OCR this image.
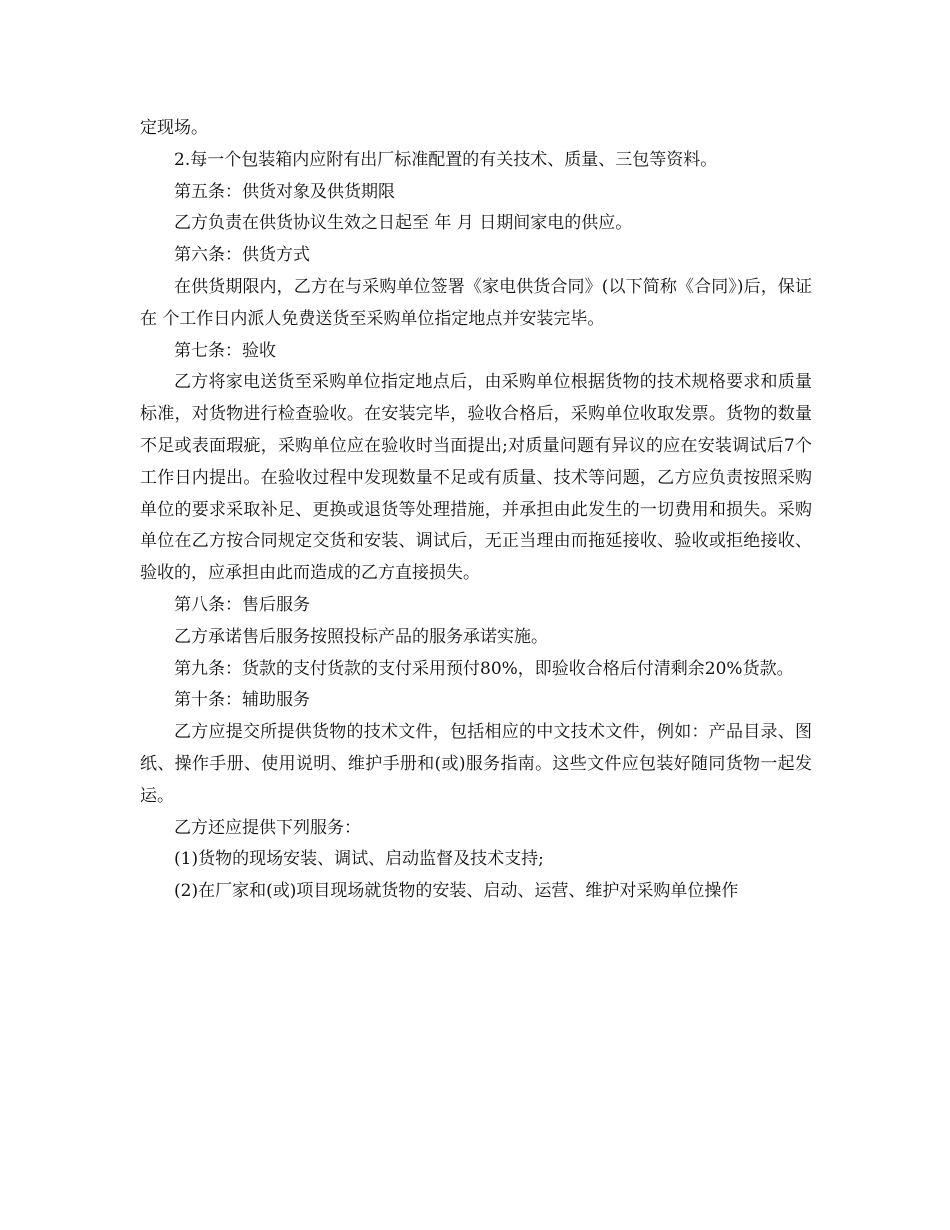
定现场。

2.每一个包装箱内应附有出厂标准配置的有关技术、质量、三包等资料。

第五条：供货对象及供货期限

乙方负责在供货协议生效之日起至 年 月 日期间家电的供应。

第六条：供货方式

在供货期限内，乙方在与采购单位签署《家电供货合同》(以下简称《合同》)后，保证在 个工作日内派人免费送货至采购单位指定地点并安装完毕。

第七条：验收

乙方将家电送货至采购单位指定地点后，由采购单位根据货物的技术规格要求和质量标准，对货物进行检查验收。在安装完毕，验收合格后，采购单位收取发票。货物的数量不足或表面瑕疵，采购单位应在验收时当面提出;对质量问题有异议的应在安装调试后7个工作日内提出。在验收过程中发现数量不足或有质量、技术等问题，乙方应负责按照采购单位的要求采取补足、更换或退货等处理措施，并承担由此发生的一切费用和损失。采购单位在乙方按合同规定交货和安装、调试后，无正当理由而拖延接收、验收或拒绝接收、验收的，应承担由此而造成的乙方直接损失。

第八条：售后服务

乙方承诺售后服务按照投标产品的服务承诺实施。

第九条：货款的支付货款的支付采用预付80%，即验收合格后付清剩余20%货款。

第十条：辅助服务

乙方应提交所提供货物的技术文件，包括相应的中文技术文件，例如：产品目录、图纸、操作手册、使用说明、维护手册和(或)服务指南。这些文件应包装好随同货物一起发运。

乙方还应提供下列服务：

(1)货物的现场安装、调试、启动监督及技术支持;

(2)在厂家和(或)项目现场就货物的安装、启动、运营、维护对采购单位操作
